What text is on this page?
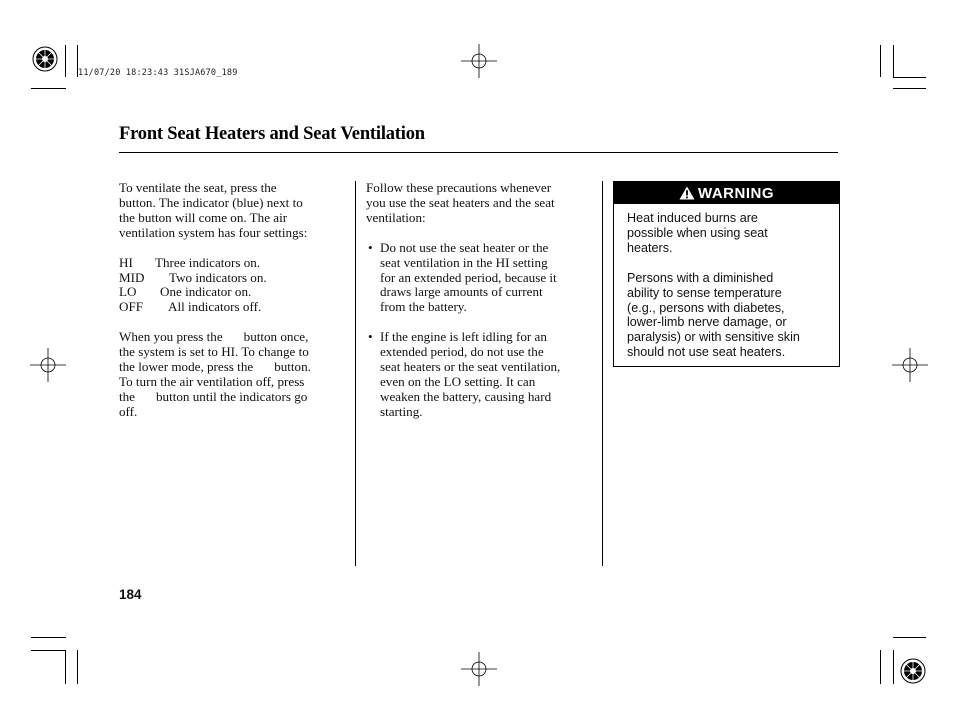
11/07/20 18:23:43 31SJA670_189
Front Seat Heaters and Seat Ventilation

To ventilate the seat, press the

button. The indicator (blue) next to

the button will come on. The air

ventilation system has four settings:

HI	Three indicators on.
MID	Two indicators on.
LO	One indicator on.
OFF	All indicators off.

When you press the button once,

the system is set to HI. To change to

the lower mode, press the button.

To turn the air ventilation off, press

the button until the indicators go

off.

Follow these precautions whenever

you use the seat heaters and the seat

ventilation:

• Do not use the seat heater or the

seat ventilation in the HI setting

for an extended period, because it

draws large amounts of current

from the battery.

• If the engine is left idling for an

extended period, do not use the

seat heaters or the seat ventilation,

even on the LO setting. It can

weaken the battery, causing hard

starting.

WARNING

Heat induced burns are

possible when using seat

heaters.

Persons with a diminished

ability to sense temperature

(e.g., persons with diabetes,

lower-limb nerve damage, or

paralysis) or with sensitive skin

should not use seat heaters.

184
